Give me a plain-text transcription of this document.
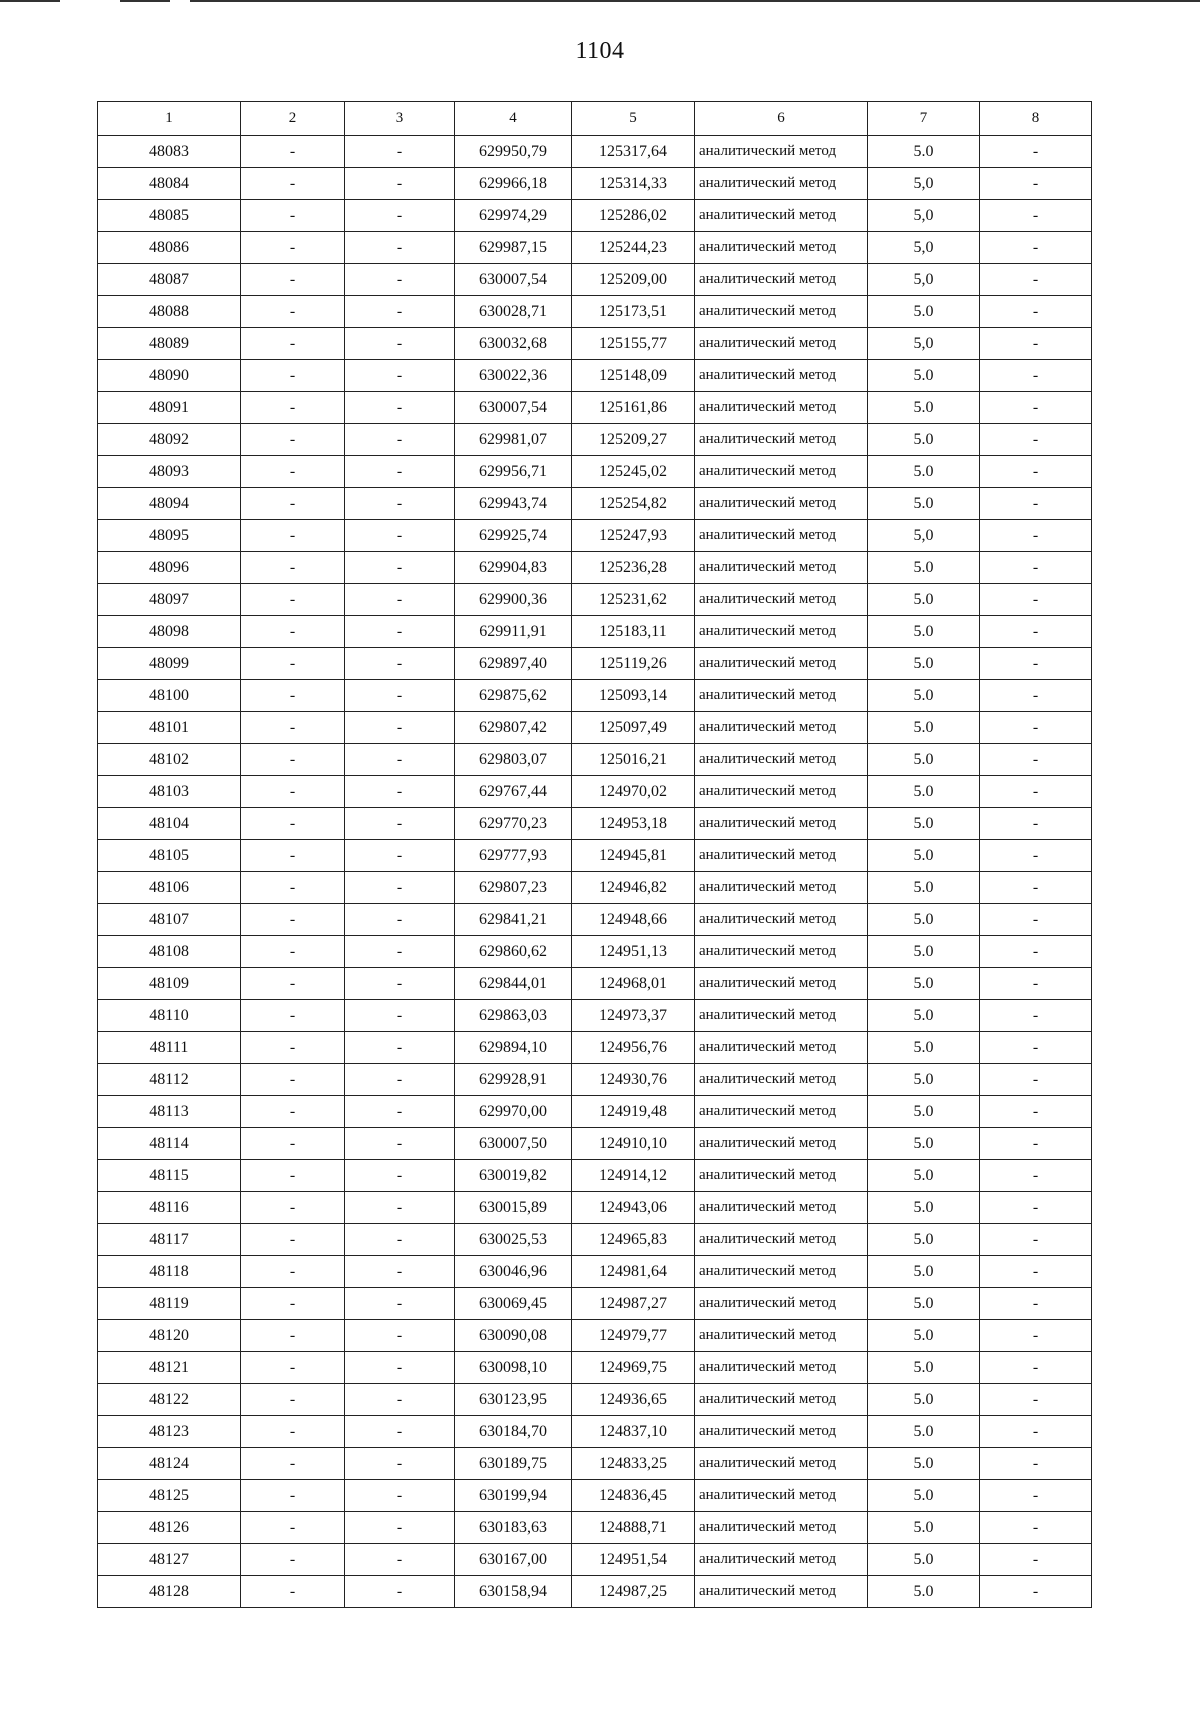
1104
1	2	3	4	5	6	7	8
48083	-	-	629950,79	125317,64	аналитический метод	5.0	-
48084	-	-	629966,18	125314,33	аналитический метод	5,0	-
48085	-	-	629974,29	125286,02	аналитический метод	5,0	-
48086	-	-	629987,15	125244,23	аналитический метод	5,0	-
48087	-	-	630007,54	125209,00	аналитический метод	5,0	-
48088	-	-	630028,71	125173,51	аналитический метод	5.0	-
48089	-	-	630032,68	125155,77	аналитический метод	5,0	-
48090	-	-	630022,36	125148,09	аналитический метод	5.0	-
48091	-	-	630007,54	125161,86	аналитический метод	5.0	-
48092	-	-	629981,07	125209,27	аналитический метод	5.0	-
48093	-	-	629956,71	125245,02	аналитический метод	5.0	-
48094	-	-	629943,74	125254,82	аналитический метод	5.0	-
48095	-	-	629925,74	125247,93	аналитический метод	5,0	-
48096	-	-	629904,83	125236,28	аналитический метод	5.0	-
48097	-	-	629900,36	125231,62	аналитический метод	5.0	-
48098	-	-	629911,91	125183,11	аналитический метод	5.0	-
48099	-	-	629897,40	125119,26	аналитический метод	5.0	-
48100	-	-	629875,62	125093,14	аналитический метод	5.0	-
48101	-	-	629807,42	125097,49	аналитический метод	5.0	-
48102	-	-	629803,07	125016,21	аналитический метод	5.0	-
48103	-	-	629767,44	124970,02	аналитический метод	5.0	-
48104	-	-	629770,23	124953,18	аналитический метод	5.0	-
48105	-	-	629777,93	124945,81	аналитический метод	5.0	-
48106	-	-	629807,23	124946,82	аналитический метод	5.0	-
48107	-	-	629841,21	124948,66	аналитический метод	5.0	-
48108	-	-	629860,62	124951,13	аналитический метод	5.0	-
48109	-	-	629844,01	124968,01	аналитический метод	5.0	-
48110	-	-	629863,03	124973,37	аналитический метод	5.0	-
48111	-	-	629894,10	124956,76	аналитический метод	5.0	-
48112	-	-	629928,91	124930,76	аналитический метод	5.0	-
48113	-	-	629970,00	124919,48	аналитический метод	5.0	-
48114	-	-	630007,50	124910,10	аналитический метод	5.0	-
48115	-	-	630019,82	124914,12	аналитический метод	5.0	-
48116	-	-	630015,89	124943,06	аналитический метод	5.0	-
48117	-	-	630025,53	124965,83	аналитический метод	5.0	-
48118	-	-	630046,96	124981,64	аналитический метод	5.0	-
48119	-	-	630069,45	124987,27	аналитический метод	5.0	-
48120	-	-	630090,08	124979,77	аналитический метод	5.0	-
48121	-	-	630098,10	124969,75	аналитический метод	5.0	-
48122	-	-	630123,95	124936,65	аналитический метод	5.0	-
48123	-	-	630184,70	124837,10	аналитический метод	5.0	-
48124	-	-	630189,75	124833,25	аналитический метод	5.0	-
48125	-	-	630199,94	124836,45	аналитический метод	5.0	-
48126	-	-	630183,63	124888,71	аналитический метод	5.0	-
48127	-	-	630167,00	124951,54	аналитический метод	5.0	-
48128	-	-	630158,94	124987,25	аналитический метод	5.0	-
